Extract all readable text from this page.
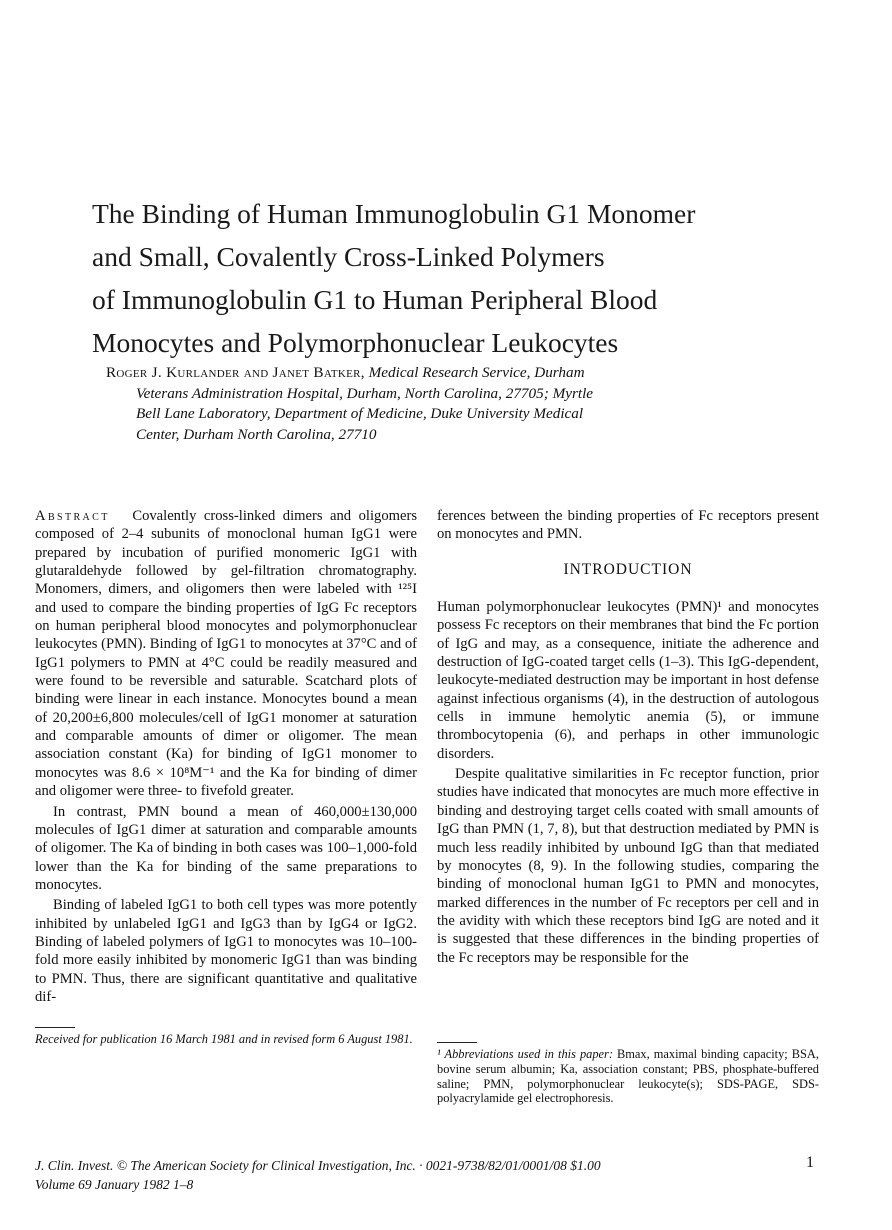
The Binding of Human Immunoglobulin G1 Monomer
and Small, Covalently Cross-Linked Polymers
of Immunoglobulin G1 to Human Peripheral Blood
Monocytes and Polymorphonuclear Leukocytes
Roger J. Kurlander and Janet Batker, Medical Research Service, Durham
Veterans Administration Hospital, Durham, North Carolina, 27705; Myrtle
Bell Lane Laboratory, Department of Medicine, Duke University Medical
Center, Durham North Carolina, 27710

Abstract Covalently cross-linked dimers and oligomers composed of 2–4 subunits of monoclonal human IgG1 were prepared by incubation of purified monomeric IgG1 with glutaraldehyde followed by gel-filtration chromatography. Monomers, dimers, and oligomers then were labeled with ¹²⁵I and used to compare the binding properties of IgG Fc receptors on human peripheral blood monocytes and polymorphonuclear leukocytes (PMN). Binding of IgG1 to monocytes at 37°C and of IgG1 polymers to PMN at 4°C could be readily measured and were found to be reversible and saturable. Scatchard plots of binding were linear in each instance. Monocytes bound a mean of 20,200±6,800 molecules/cell of IgG1 monomer at saturation and comparable amounts of dimer or oligomer. The mean association constant (Ka) for binding of IgG1 monomer to monocytes was 8.6 × 10⁸M⁻¹ and the Ka for binding of dimer and oligomer were three- to fivefold greater.

In contrast, PMN bound a mean of 460,000±130,000 molecules of IgG1 dimer at saturation and comparable amounts of oligomer. The Ka of binding in both cases was 100–1,000-fold lower than the Ka for binding of the same preparations to monocytes.

Binding of labeled IgG1 to both cell types was more potently inhibited by unlabeled IgG1 and IgG3 than by IgG4 or IgG2. Binding of labeled polymers of IgG1 to monocytes was 10–100-fold more easily inhibited by monomeric IgG1 than was binding to PMN. Thus, there are significant quantitative and qualitative dif-

ferences between the binding properties of Fc receptors present on monocytes and PMN.

INTRODUCTION

Human polymorphonuclear leukocytes (PMN)¹ and monocytes possess Fc receptors on their membranes that bind the Fc portion of IgG and may, as a consequence, initiate the adherence and destruction of IgG-coated target cells (1–3). This IgG-dependent, leukocyte-mediated destruction may be important in host defense against infectious organisms (4), in the destruction of autologous cells in immune hemolytic anemia (5), or immune thrombocytopenia (6), and perhaps in other immunologic disorders.

Despite qualitative similarities in Fc receptor function, prior studies have indicated that monocytes are much more effective in binding and destroying target cells coated with small amounts of IgG than PMN (1, 7, 8), but that destruction mediated by PMN is much less readily inhibited by unbound IgG than that mediated by monocytes (8, 9). In the following studies, comparing the binding of monoclonal human IgG1 to PMN and monocytes, marked differences in the number of Fc receptors per cell and in the avidity with which these receptors bind IgG are noted and it is suggested that these differences in the binding properties of the Fc receptors may be responsible for the

Received for publication 16 March 1981 and in revised form 6 August 1981.
¹ Abbreviations used in this paper: Bmax, maximal binding capacity; BSA, bovine serum albumin; Ka, association constant; PBS, phosphate-buffered saline; PMN, polymorphonuclear leukocyte(s); SDS-PAGE, SDS-polyacrylamide gel electrophoresis.
J. Clin. Invest. © The American Society for Clinical Investigation, Inc. · 0021-9738/82/01/0001/08 $1.00
Volume 69 January 1982 1–8
1
